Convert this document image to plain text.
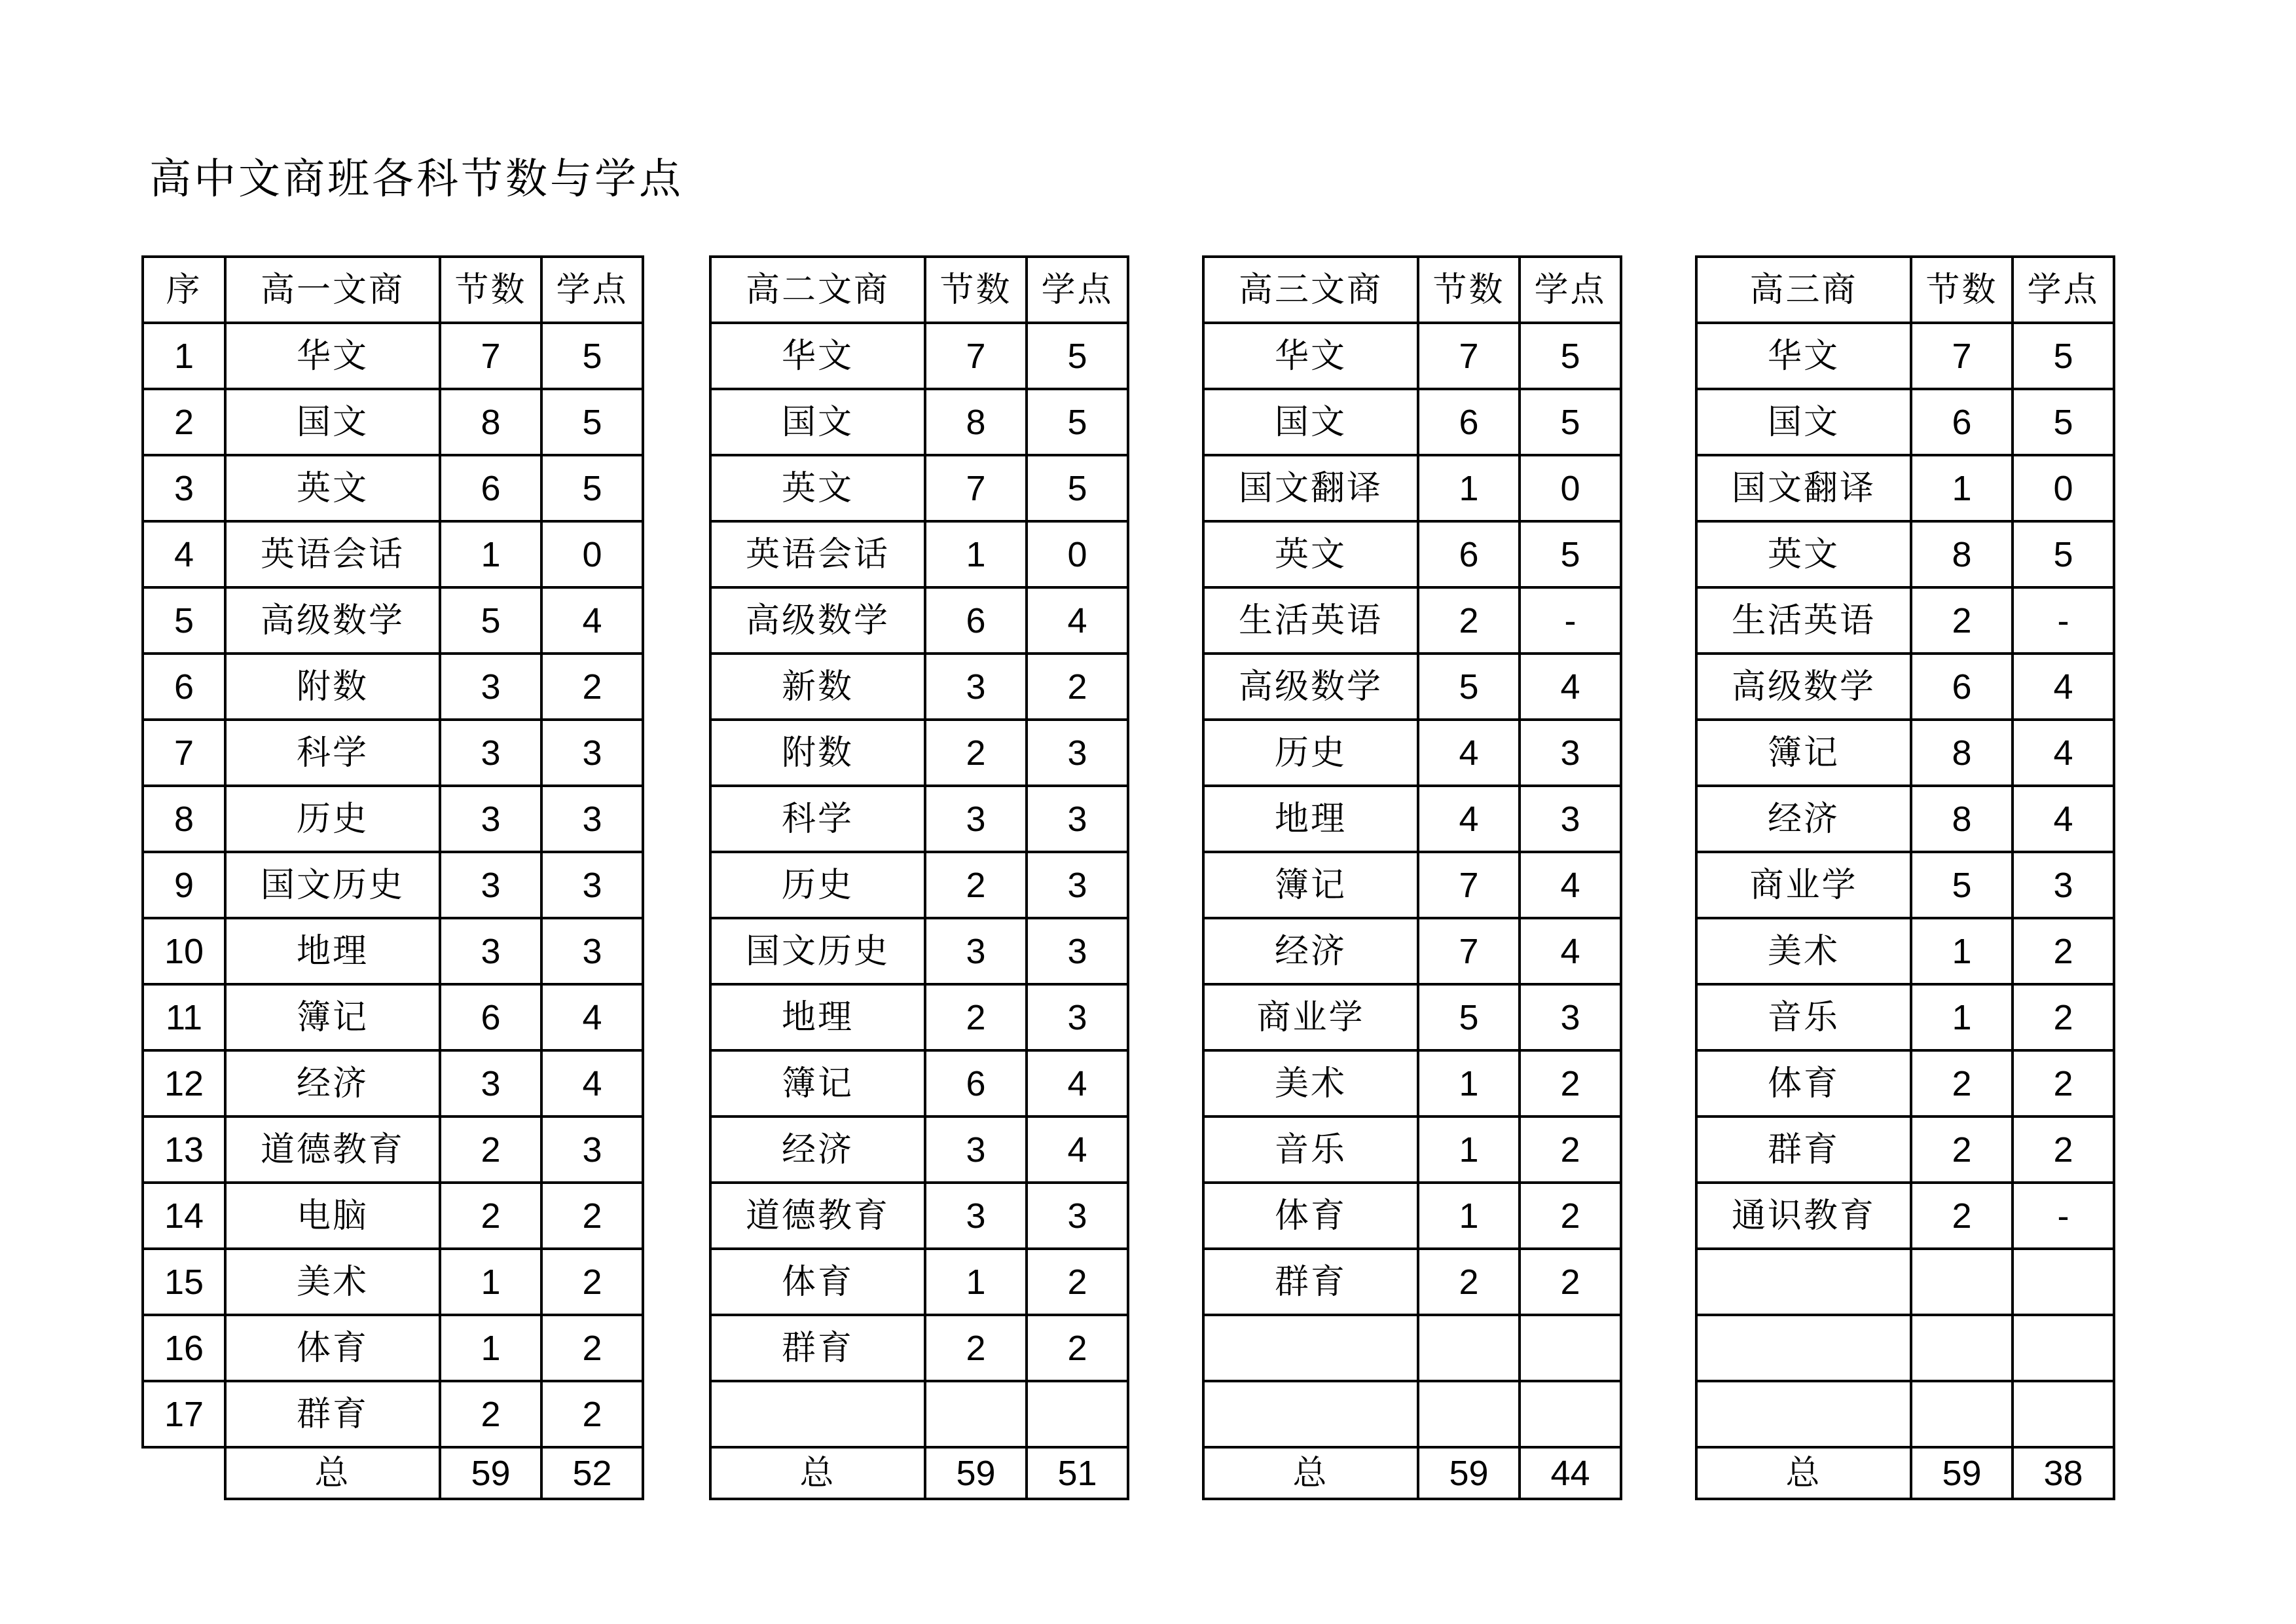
高中文商班各科节数与学点
序	高一文商	节数	学点
1	华文	7	5
2	国文	8	5
3	英文	6	5
4	英语会话	1	0
5	高级数学	5	4
6	附数	3	2
7	科学	3	3
8	历史	3	3
9	国文历史	3	3
10	地理	3	3
11	簿记	6	4
12	经济	3	4
13	道德教育	2	3
14	电脑	2	2
15	美术	1	2
16	体育	1	2
17	群育	2	2
	总	59	52
高二文商	节数	学点
华文	7	5
国文	8	5
英文	7	5
英语会话	1	0
高级数学	6	4
新数	3	2
附数	2	3
科学	3	3
历史	2	3
国文历史	3	3
地理	2	3
簿记	6	4
经济	3	4
道德教育	3	3
体育	1	2
群育	2	2

总	59	51
高三文商	节数	学点
华文	7	5
国文	6	5
国文翻译	1	0
英文	6	5
生活英语	2	-
高级数学	5	4
历史	4	3
地理	4	3
簿记	7	4
经济	7	4
商业学	5	3
美术	1	2
音乐	1	2
体育	1	2
群育	2	2

总	59	44
高三商	节数	学点
华文	7	5
国文	6	5
国文翻译	1	0
英文	8	5
生活英语	2	-
高级数学	6	4
簿记	8	4
经济	8	4
商业学	5	3
美术	1	2
音乐	1	2
体育	2	2
群育	2	2
通识教育	2	-

总	59	38
